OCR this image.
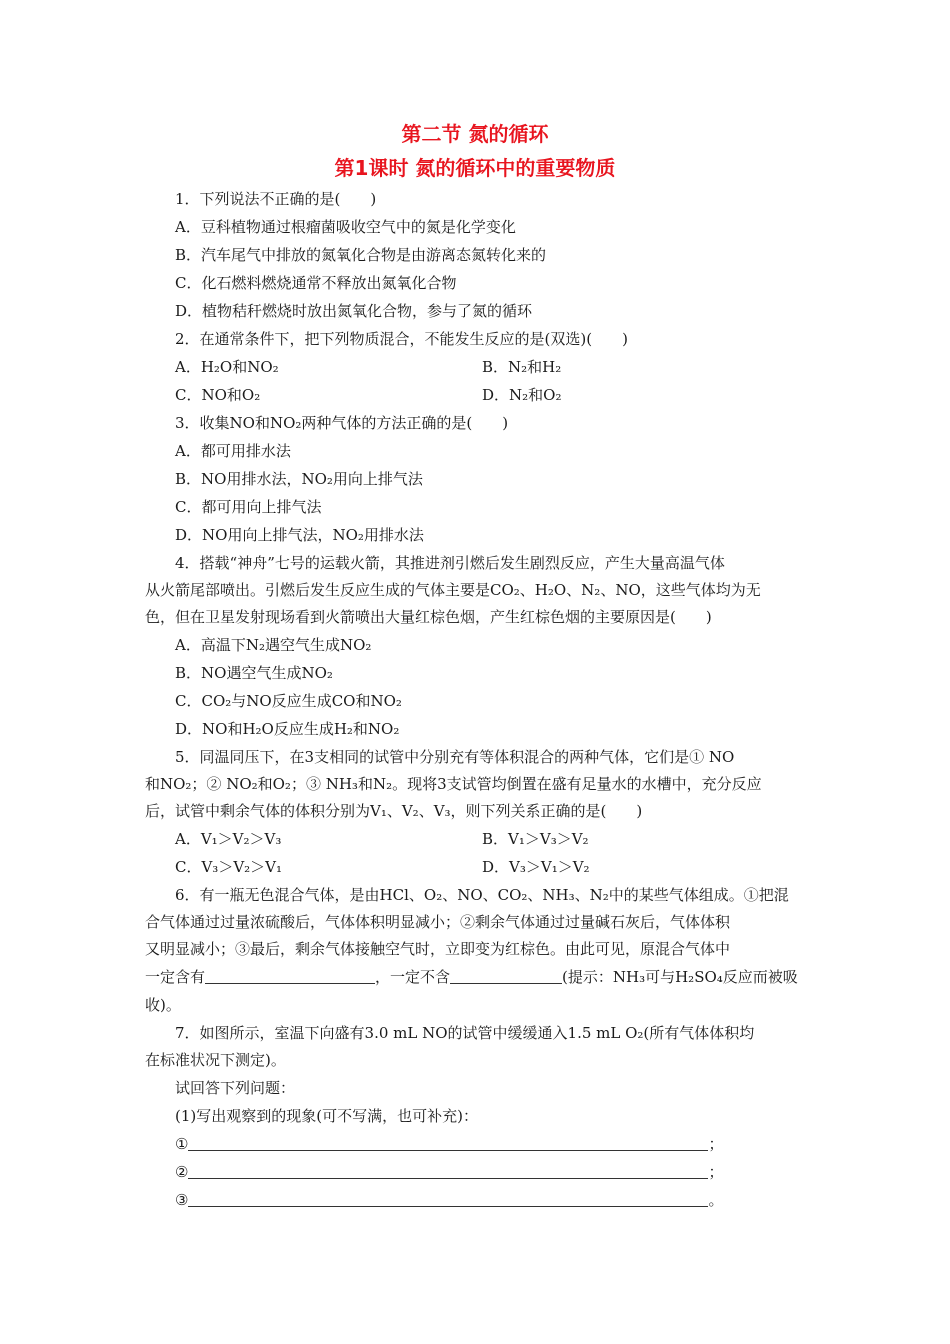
第二节 氮的循环
第1课时 氮的循环中的重要物质
1．下列说法不正确的是(　　)
A．豆科植物通过根瘤菌吸收空气中的氮是化学变化
B．汽车尾气中排放的氮氧化合物是由游离态氮转化来的
C．化石燃料燃烧通常不释放出氮氧化合物
D．植物秸秆燃烧时放出氮氧化合物，参与了氮的循环
2．在通常条件下，把下列物质混合，不能发生反应的是(双选)(　　)
A．H₂O和NO₂	B．N₂和H₂
C．NO和O₂	D．N₂和O₂
3．收集NO和NO₂两种气体的方法正确的是(　　)
A．都可用排水法
B．NO用排水法，NO₂用向上排气法
C．都可用向上排气法
D．NO用向上排气法，NO₂用排水法
4．搭载“神舟”七号的运载火箭，其推进剂引燃后发生剧烈反应，产生大量高温气体
从火箭尾部喷出。引燃后发生反应生成的气体主要是CO₂、H₂O、N₂、NO，这些气体均为无
色，但在卫星发射现场看到火箭喷出大量红棕色烟，产生红棕色烟的主要原因是(　　)
A．高温下N₂遇空气生成NO₂
B．NO遇空气生成NO₂
C．CO₂与NO反应生成CO和NO₂
D．NO和H₂O反应生成H₂和NO₂
5．同温同压下，在3支相同的试管中分别充有等体积混合的两种气体，它们是① NO
和NO₂；② NO₂和O₂；③ NH₃和N₂。现将3支试管均倒置在盛有足量水的水槽中，充分反应
后，试管中剩余气体的体积分别为V₁、V₂、V₃，则下列关系正确的是(　　)
A．V₁＞V₂＞V₃	B．V₁＞V₃＞V₂
C．V₃＞V₂＞V₁	D．V₃＞V₁＞V₂
6．有一瓶无色混合气体，是由HCl、O₂、NO、CO₂、NH₃、N₂中的某些气体组成。①把混
合气体通过过量浓硫酸后，气体体积明显减小；②剩余气体通过过量碱石灰后，气体体积
又明显减小；③最后，剩余气体接触空气时，立即变为红棕色。由此可见，原混合气体中
一定含有	，一定不含	(提示：NH₃可与H₂SO₄反应而被吸
收)。
7．如图所示，室温下向盛有3.0 mL NO的试管中缓缓通入1.5 mL O₂(所有气体体积均
在标准状况下测定)。
试回答下列问题：
(1)写出观察到的现象(可不写满，也可补充)：
①	；
②	；
③	。
